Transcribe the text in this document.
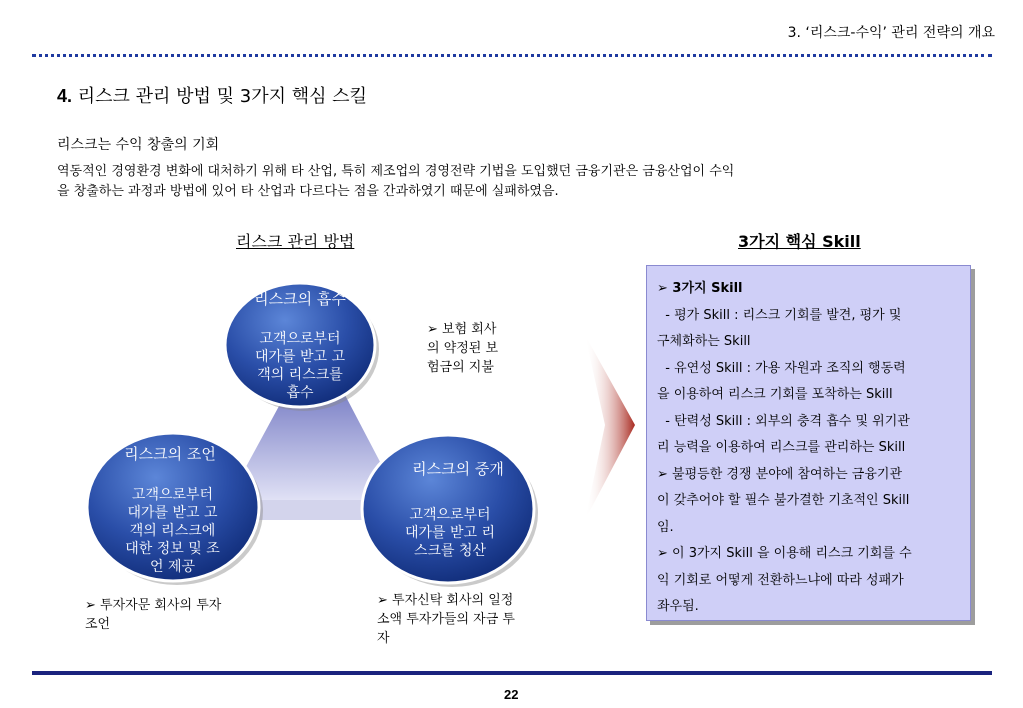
3. ‘리스크-수익’ 관리 전략의 개요
4. 리스크 관리 방법 및 3가지 핵심 스킬
리스크는 수익 창출의 기회
역동적인 경영환경 변화에 대처하기 위해 타 산업, 특히 제조업의 경영전략 기법을 도입했던 금융기관은 금융산업이 수익
을 창출하는 과정과 방법에 있어 타 산업과 다르다는 점을 간과하였기 때문에 실패하였음.
리스크 관리 방법	3가지 핵심 Skill
리스크의 흡수
고객으로부터
대가를 받고 고
객의 리스크를
흡수
리스크의 조언
고객으로부터
대가를 받고 고
객의 리스크에
대한 정보 및 조
언 제공
리스크의 중개
고객으로부터
대가를 받고 리
스크를 청산
➢ 보험 회사
의 약정된 보
험금의 지불
➢ 투자자문 회사의 투자
조언
➢ 투자신탁 회사의 일정
소액 투자가들의 자금 투
자
➢ 3가지 Skill
- 평가 Skill : 리스크 기회를 발견, 평가 및
구체화하는 Skill
- 유연성 Skill : 가용 자원과 조직의 행동력
을 이용하여 리스크 기회를 포착하는 Skill
- 탄력성 Skill : 외부의 충격 흡수 및 위기관
리 능력을 이용하여 리스크를 관리하는 Skill
➢ 불평등한 경쟁 분야에 참여하는 금융기관
이 갖추어야 할 필수 불가결한 기초적인 Skill
임.
➢ 이 3가지 Skill 을 이용해 리스크 기회를 수
익 기회로 어떻게 전환하느냐에 따라 성패가
좌우됨.
22
